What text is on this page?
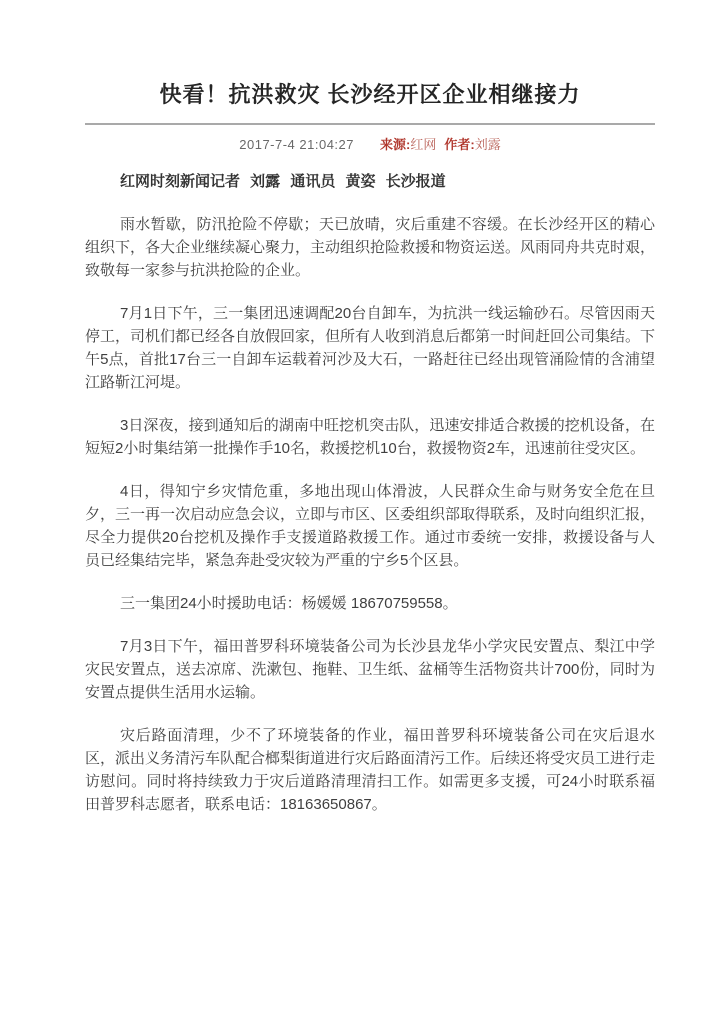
快看！抗洪救灾 长沙经开区企业相继接力
2017-7-4 21:04:27 来源:红网 作者:刘露

红网时刻新闻记者 刘露 通讯员 黄姿 长沙报道

雨水暂歇，防汛抢险不停歇；天已放晴，灾后重建不容缓。在长沙经开区的精心组织下，各大企业继续凝心聚力，主动组织抢险救援和物资运送。风雨同舟共克时艰，致敬每一家参与抗洪抢险的企业。

7月1日下午，三一集团迅速调配20台自卸车，为抗洪一线运输砂石。尽管因雨天停工，司机们都已经各自放假回家，但所有人收到消息后都第一时间赶回公司集结。下午5点，首批17台三一自卸车运载着河沙及大石，一路赶往已经出现管涌险情的含浦望江路靳江河堤。

3日深夜，接到通知后的湖南中旺挖机突击队，迅速安排适合救援的挖机设备，在短短2小时集结第一批操作手10名，救援挖机10台，救援物资2车，迅速前往受灾区。

4日，得知宁乡灾情危重，多地出现山体滑波，人民群众生命与财务安全危在旦夕，三一再一次启动应急会议，立即与市区、区委组织部取得联系，及时向组织汇报，尽全力提供20台挖机及操作手支援道路救援工作。通过市委统一安排，救援设备与人员已经集结完毕，紧急奔赴受灾较为严重的宁乡5个区县。

三一集团24小时援助电话：杨媛媛 18670759558。

7月3日下午，福田普罗科环境装备公司为长沙县龙华小学灾民安置点、梨江中学灾民安置点，送去凉席、洗漱包、拖鞋、卫生纸、盆桶等生活物资共计700份，同时为安置点提供生活用水运输。

灾后路面清理，少不了环境装备的作业，福田普罗科环境装备公司在灾后退水区，派出义务清污车队配合榔梨街道进行灾后路面清污工作。后续还将受灾员工进行走访慰问。同时将持续致力于灾后道路清理清扫工作。如需更多支援，可24小时联系福田普罗科志愿者，联系电话：18163650867。
